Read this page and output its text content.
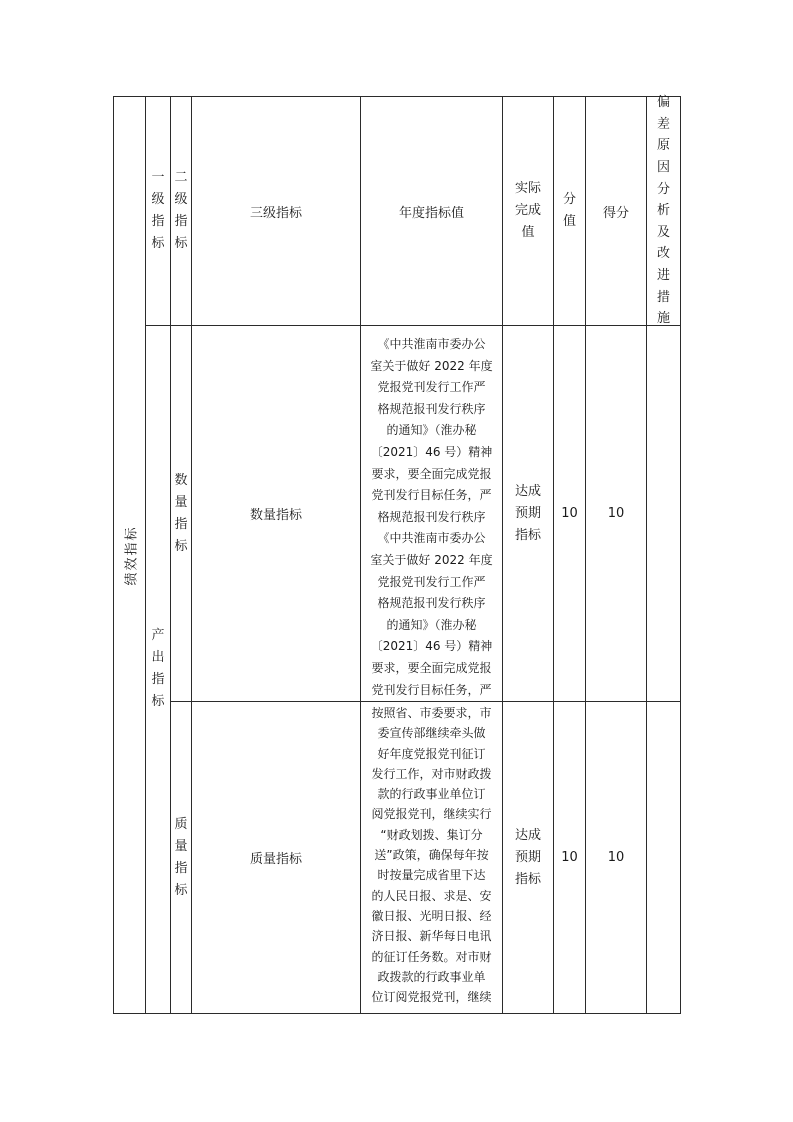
绩效指标
一
级
指
标
二
级
指
标
三级指标	年度指标值
实际
完成
值
分
值
得分
偏
差
原
因
分
析
及
改
进
措
施
产
出
指
标
数
量
指
标
数量指标
《中共淮南市委办公
室关于做好 2022 年度
党报党刊发行工作严
格规范报刊发行秩序
的通知》（淮办秘
〔2021〕46 号）精神
要求，要全面完成党报
党刊发行目标任务，严
格规范报刊发行秩序
《中共淮南市委办公
室关于做好 2022 年度
党报党刊发行工作严
格规范报刊发行秩序
的通知》（淮办秘
〔2021〕46 号）精神
要求，要全面完成党报
党刊发行目标任务，严
达成
预期
指标
10 10
质
量
指
标
质量指标
按照省、市委要求，市
委宣传部继续牵头做
好年度党报党刊征订
发行工作，对市财政拨
款的行政事业单位订
阅党报党刊，继续实行
“财政划拨、集订分
送”政策，确保每年按
时按量完成省里下达
的人民日报、求是、安
徽日报、光明日报、经
济日报、新华每日电讯
的征订任务数。对市财
政拨款的行政事业单
位订阅党报党刊，继续
达成
预期
指标
10 10
